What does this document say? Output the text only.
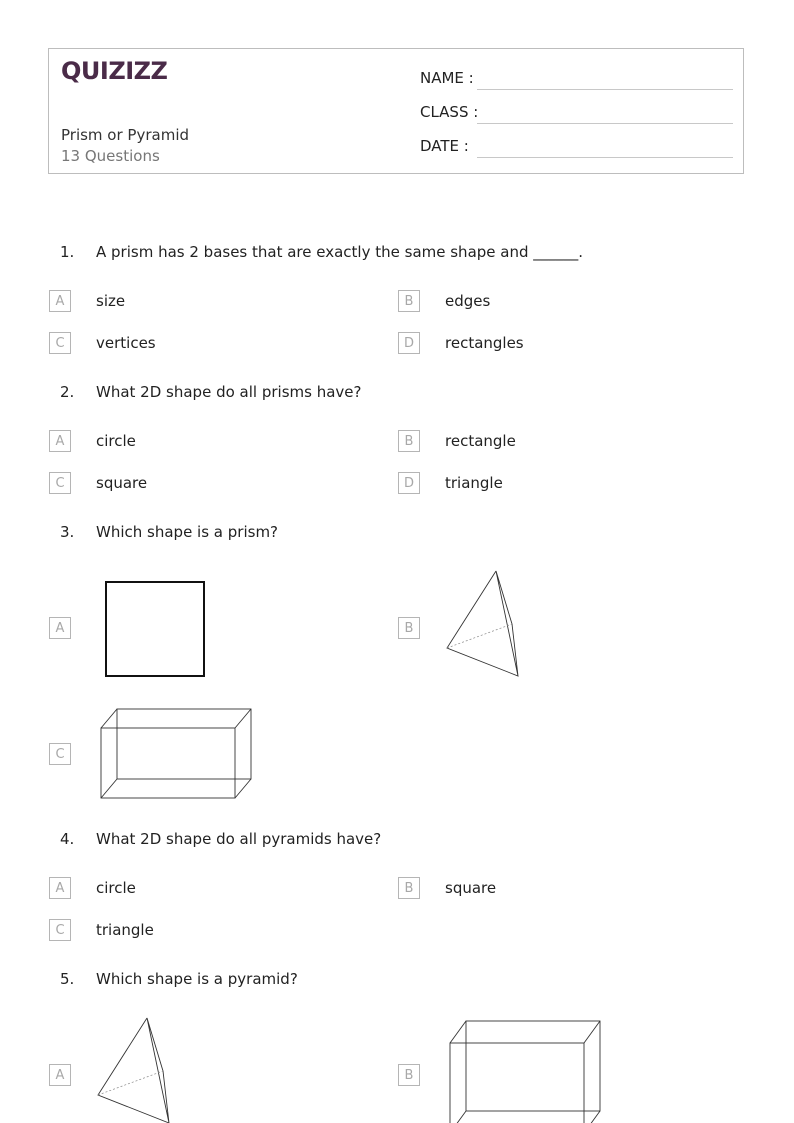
QUIZIZZ
Prism or Pyramid
13 Questions
NAME :
CLASS :
DATE :
1. A prism has 2 bases that are exactly the same shape and ______.
A	size	B	edges
C	vertices	D	rectangles
2. What 2D shape do all prisms have?
A	circle	B	rectangle
C	square	D	triangle
3. Which shape is a prism?
A	B
C
4. What 2D shape do all pyramids have?
A	circle	B	square
C	triangle
5. Which shape is a pyramid?
A	B
